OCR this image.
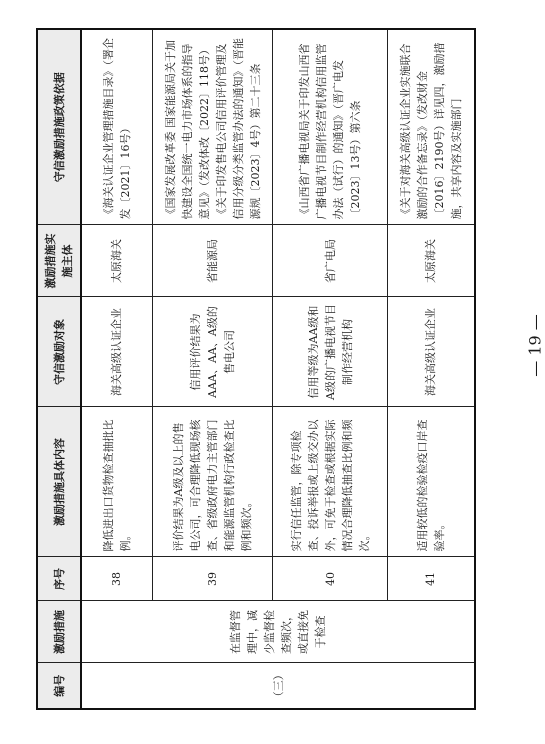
编号	激励措施	序号	激励措施具体内容	守信激励对象	激励措施实施主体	守信激励措施政策依据
（三）	在监督管理中，减少监督检查频次，或直接免于检查	38	降低进出口货物检查抽批比例。	海关高级认证企业	太原海关	《海关认证企业管理措施目录》（署企发〔2021〕16号）
		39	评价结果为A级及以上的售电公司，可合理降低现场核查、省级政府电力主管部门和能源监管机构行政检查比例和频次。	信用评价结果为AAA、AA、A级的售电公司	省能源局	《国家发展改革委 国家能源局关于加快建设全国统一电力市场体系的指导意见》（发改体改〔2022〕118号）《关于印发售电公司信用评价管理及信用分级分类监管办法的通知》（晋能源规〔2023〕4号）第二十三条
		40	实行信任监管，除专项检查、投诉举报或上级交办以外，可免于检查或根据实际情况合理降低抽查比例和频次。	信用等级为AA级和A级的广播电视节目制作经营机构	省广电局	《山西省广播电视局关于印发山西省广播电视节目制作经营机构信用监管办法（试行）的通知》（晋广电发〔2023〕13号）第六条
		41	适用较低的检验检疫口岸查验率。	海关高级认证企业	太原海关	《关于对海关高级认证企业实施联合激励的合作备忘录》（发改财金〔2016〕2190号）详见四，激励措施，共享内容及实施部门
— 19 —
